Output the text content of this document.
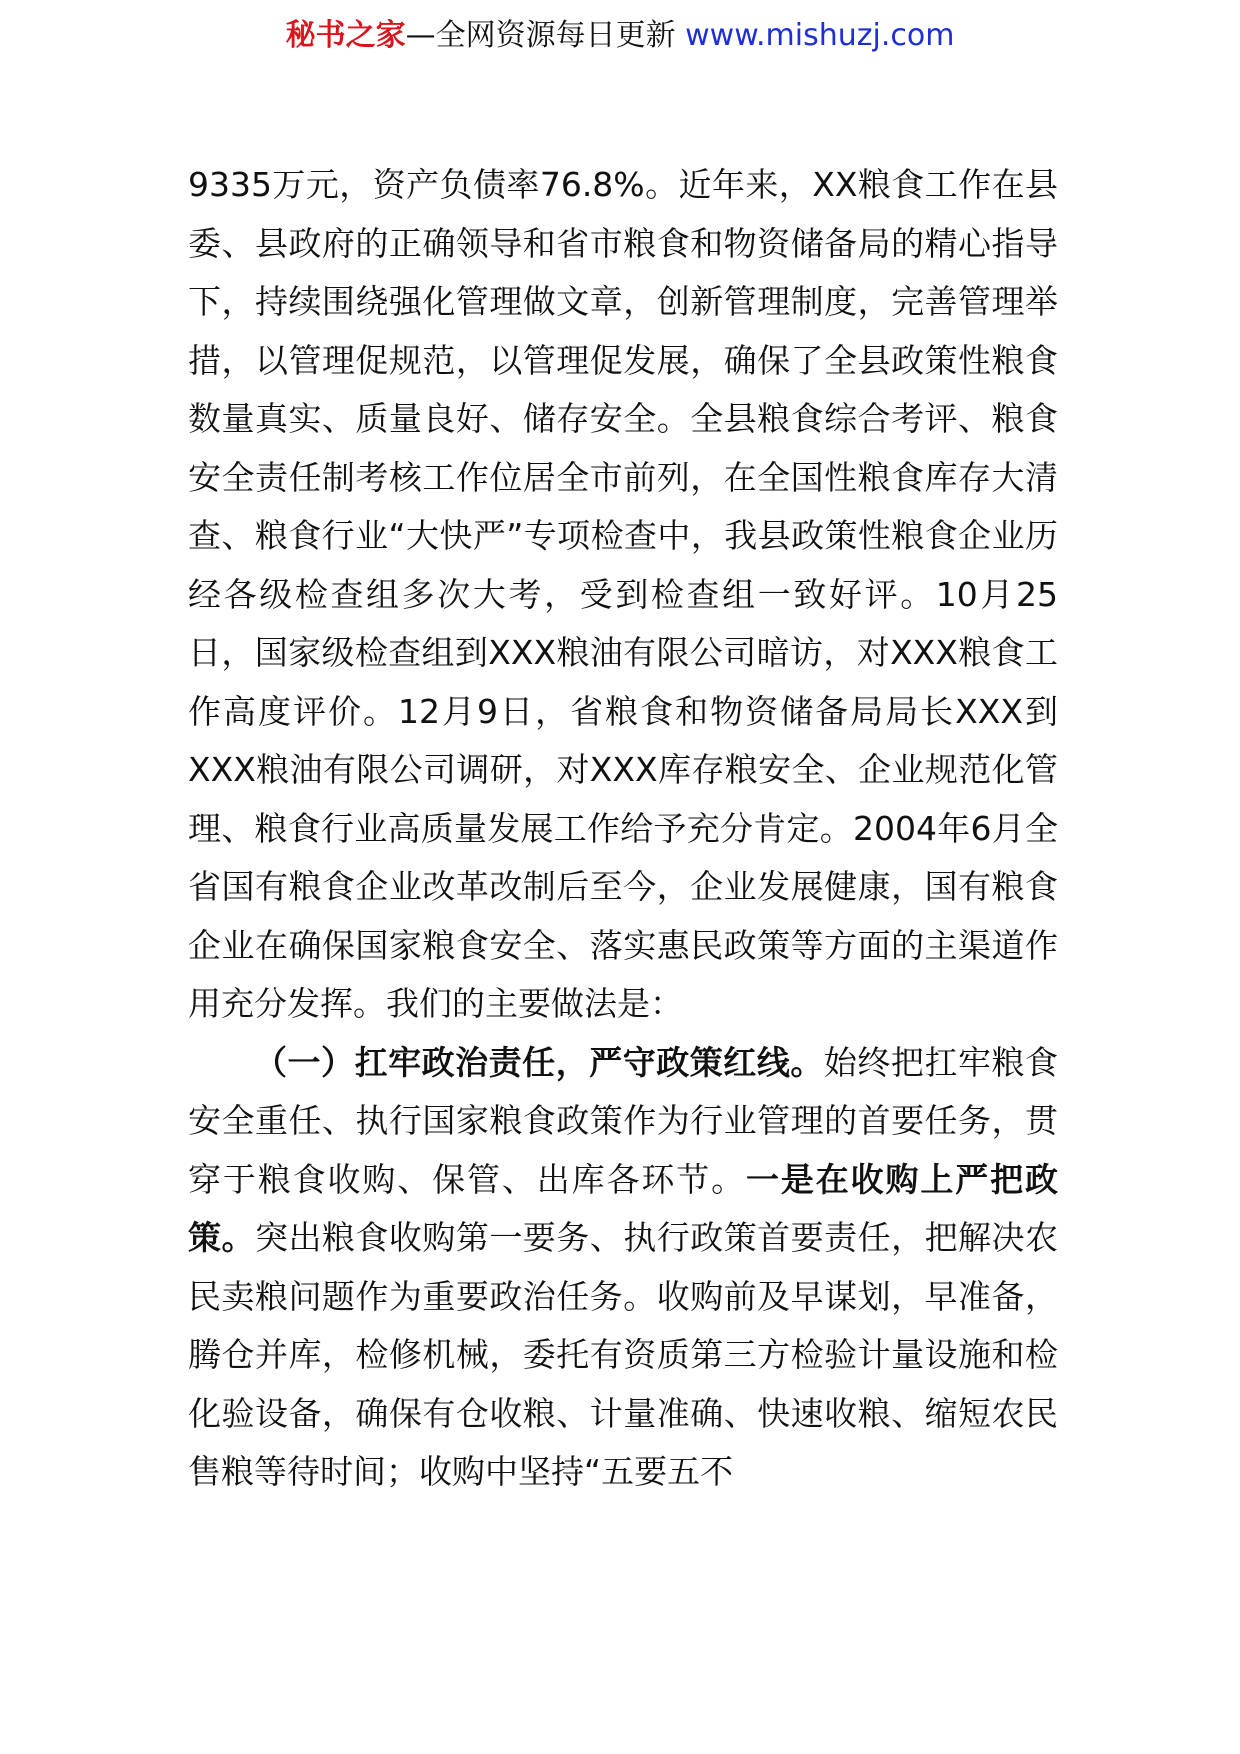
秘书之家—全网资源每日更新 www.mishuzj.com

9335万元，资产负债率76.8%。近年来，XX粮食工作在县委、县政府的正确领导和省市粮食和物资储备局的精心指导下，持续围绕强化管理做文章，创新管理制度，完善管理举措，以管理促规范，以管理促发展，确保了全县政策性粮食数量真实、质量良好、储存安全。全县粮食综合考评、粮食安全责任制考核工作位居全市前列，在全国性粮食库存大清查、粮食行业“大快严”专项检查中，我县政策性粮食企业历经各级检查组多次大考，受到检查组一致好评。10月25日，国家级检查组到XXX粮油有限公司暗访，对XXX粮食工作高度评价。12月9日，省粮食和物资储备局局长XXX到XXX粮油有限公司调研，对XXX库存粮安全、企业规范化管理、粮食行业高质量发展工作给予充分肯定。2004年6月全省国有粮食企业改革改制后至今，企业发展健康，国有粮食企业在确保国家粮食安全、落实惠民政策等方面的主渠道作用充分发挥。我们的主要做法是：

（一）扛牢政治责任，严守政策红线。始终把扛牢粮食安全重任、执行国家粮食政策作为行业管理的首要任务，贯穿于粮食收购、保管、出库各环节。一是在收购上严把政策。突出粮食收购第一要务、执行政策首要责任，把解决农民卖粮问题作为重要政治任务。收购前及早谋划，早准备，腾仓并库，检修机械，委托有资质第三方检验计量设施和检化验设备，确保有仓收粮、计量准确、快速收粮、缩短农民售粮等待时间；收购中坚持“五要五不
